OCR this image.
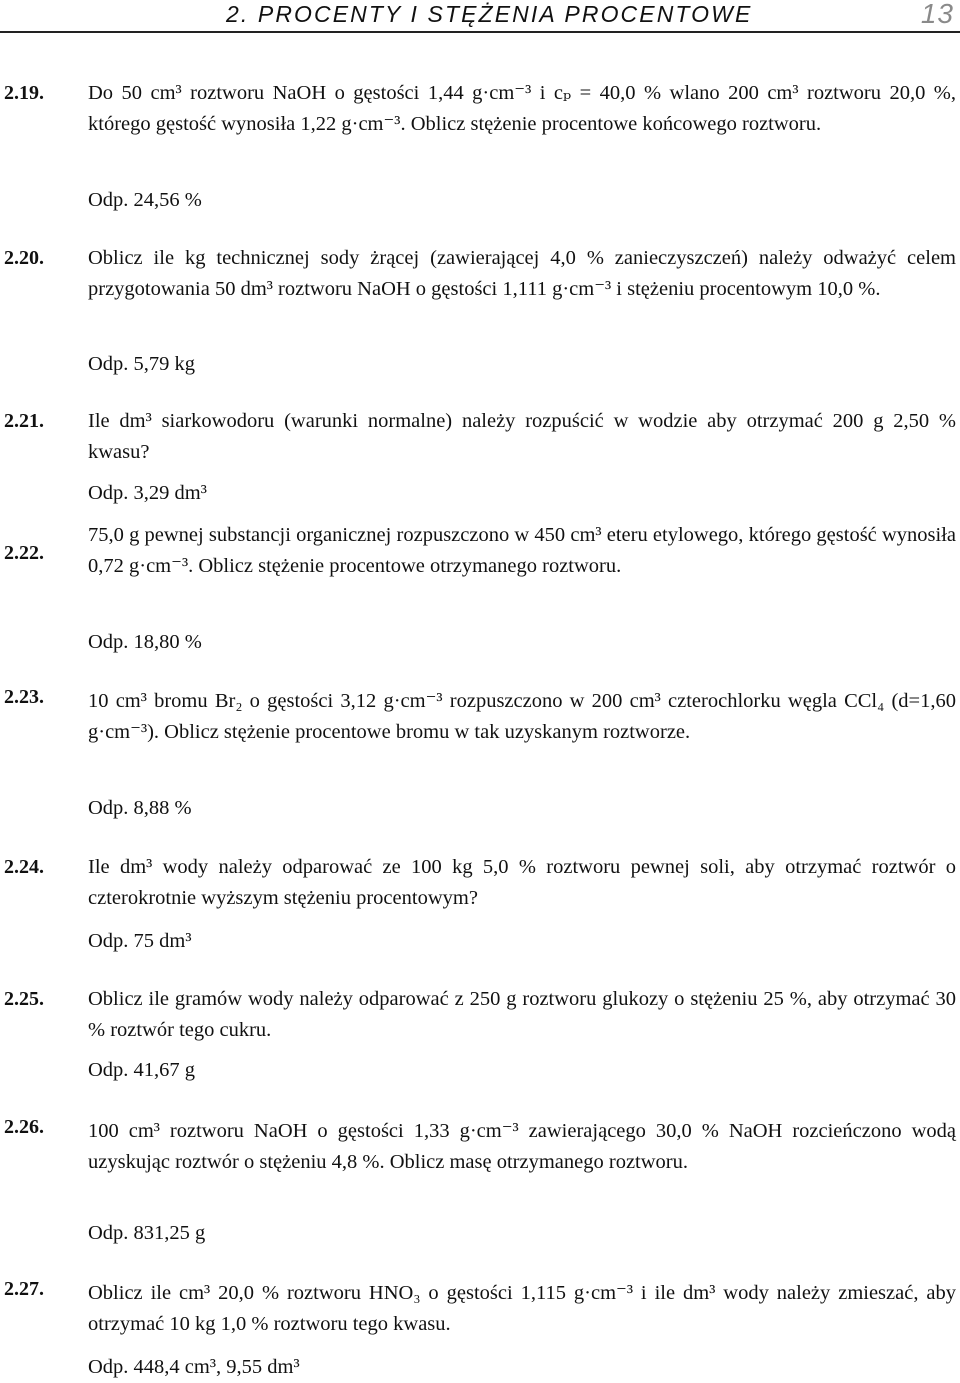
2. PROCENTY I STĘŻENIA PROCENTOWE	13
2.19. Do 50 cm³ roztworu NaOH o gęstości 1,44 g·cm⁻³ i cₚ = 40,0 % wlano 200 cm³ roztworu 20,0 %, którego gęstość wynosiła 1,22 g·cm⁻³. Oblicz stężenie procentowe końcowego roztworu.
Odp. 24,56 %
2.20. Oblicz ile kg technicznej sody żrącej (zawierającej 4,0 % zanieczyszczeń) należy odważyć celem przygotowania 50 dm³ roztworu NaOH o gęstości 1,111 g·cm⁻³ i stężeniu procentowym 10,0 %.
Odp. 5,79 kg
2.21. Ile dm³ siarkowodoru (warunki normalne) należy rozpuścić w wodzie aby otrzymać 200 g 2,50 % kwasu?
Odp. 3,29 dm³
2.22.
75,0 g pewnej substancji organicznej rozpuszczono w 450 cm³ eteru etylowego, którego gęstość wynosiła 0,72 g·cm⁻³. Oblicz stężenie procentowe otrzymanego roztworu.
Odp. 18,80 %
2.23. 10 cm³ bromu Br₂ o gęstości 3,12 g·cm⁻³ rozpuszczono w 200 cm³ czterochlorku węgla CCl₄ (d=1,60 g·cm⁻³). Oblicz stężenie procentowe bromu w tak uzyskanym roztworze.
Odp. 8,88 %
2.24. Ile dm³ wody należy odparować ze 100 kg 5,0 % roztworu pewnej soli, aby otrzymać roztwór o czterokrotnie wyższym stężeniu procentowym?
Odp. 75 dm³
2.25. Oblicz ile gramów wody należy odparować z 250 g roztworu glukozy o stężeniu 25 %, aby otrzymać 30 % roztwór tego cukru.
Odp. 41,67 g
2.26. 100 cm³ roztworu NaOH o gęstości 1,33 g·cm⁻³ zawierającego 30,0 % NaOH rozcieńczono wodą uzyskując roztwór o stężeniu 4,8 %. Oblicz masę otrzymanego roztworu.
Odp. 831,25 g
2.27. Oblicz ile cm³ 20,0 % roztworu HNO₃ o gęstości 1,115 g·cm⁻³ i ile dm³ wody należy zmieszać, aby otrzymać 10 kg 1,0 % roztworu tego kwasu.
Odp. 448,4 cm³, 9,55 dm³
